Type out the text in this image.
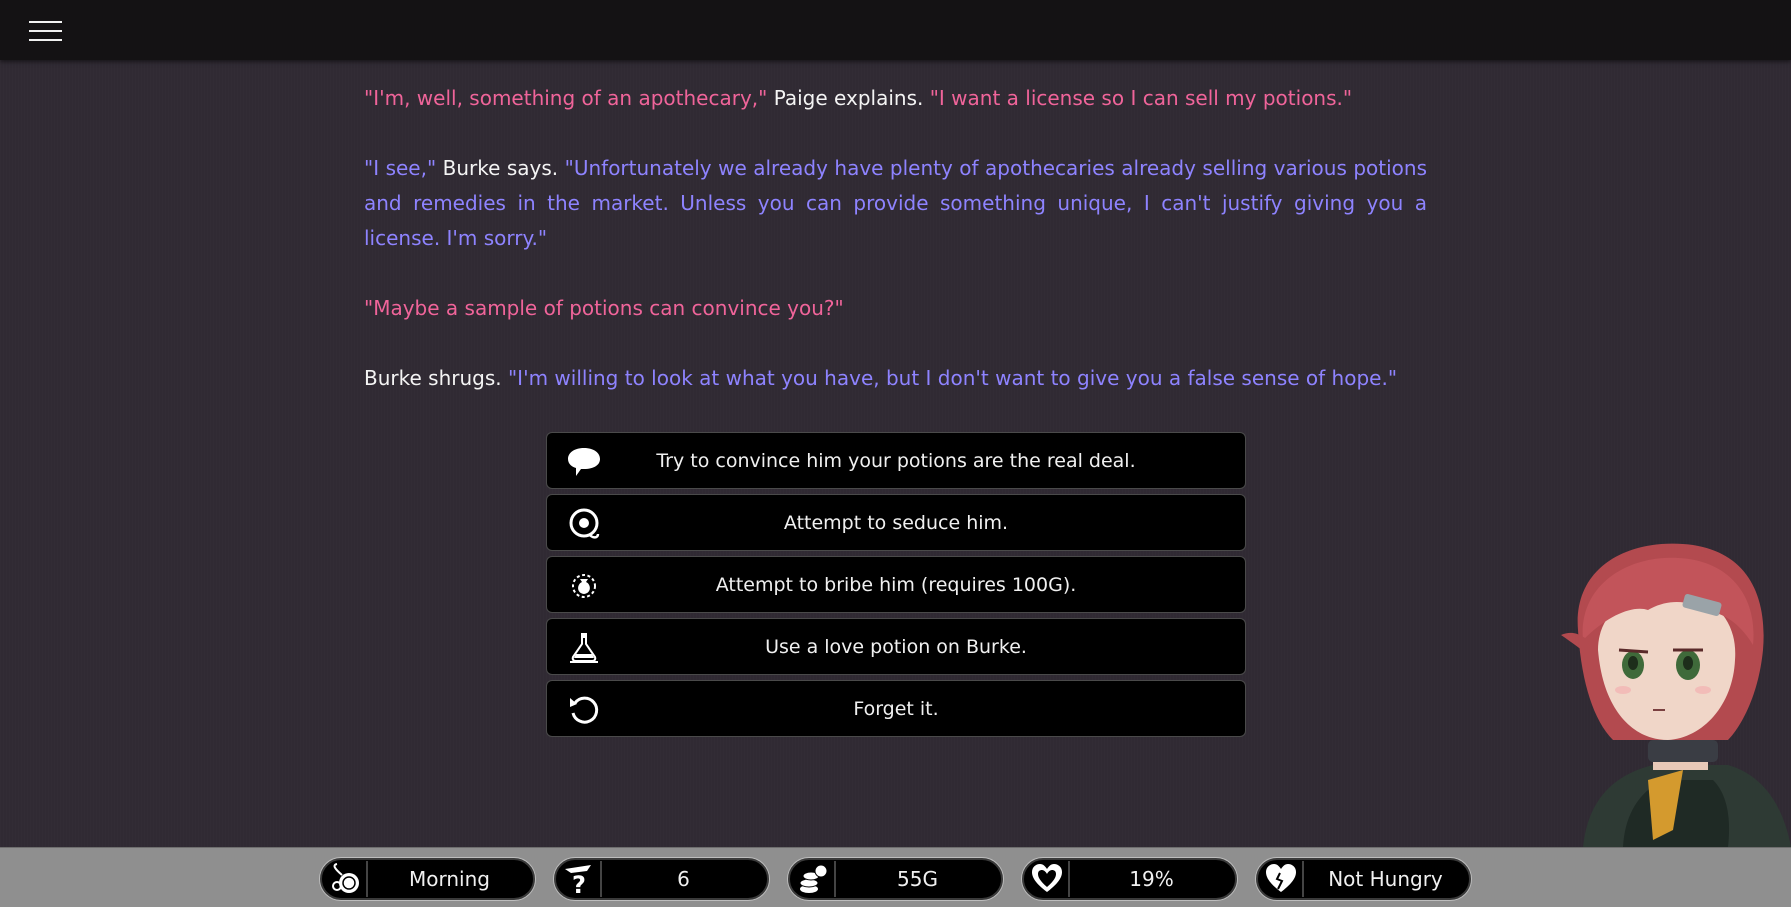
"I'm, well, something of an apothecary," Paige explains. "I want a license so I can sell my potions."

"I see," Burke says. "Unfortunately we already have plenty of apothecaries already selling various potions and remedies in the market. Unless you can provide something unique, I can't justify giving you a license. I'm sorry."

"Maybe a sample of potions can convince you?"

Burke shrugs. "I'm willing to look at what you have, but I don't want to give you a false sense of hope."

Try to convince him your potions are the real deal.
Attempt to seduce him.
Attempt to bribe him (requires 100G).
Use a love potion on Burke.
Forget it.
Morning	?	6	55G	19%	Not Hungry
